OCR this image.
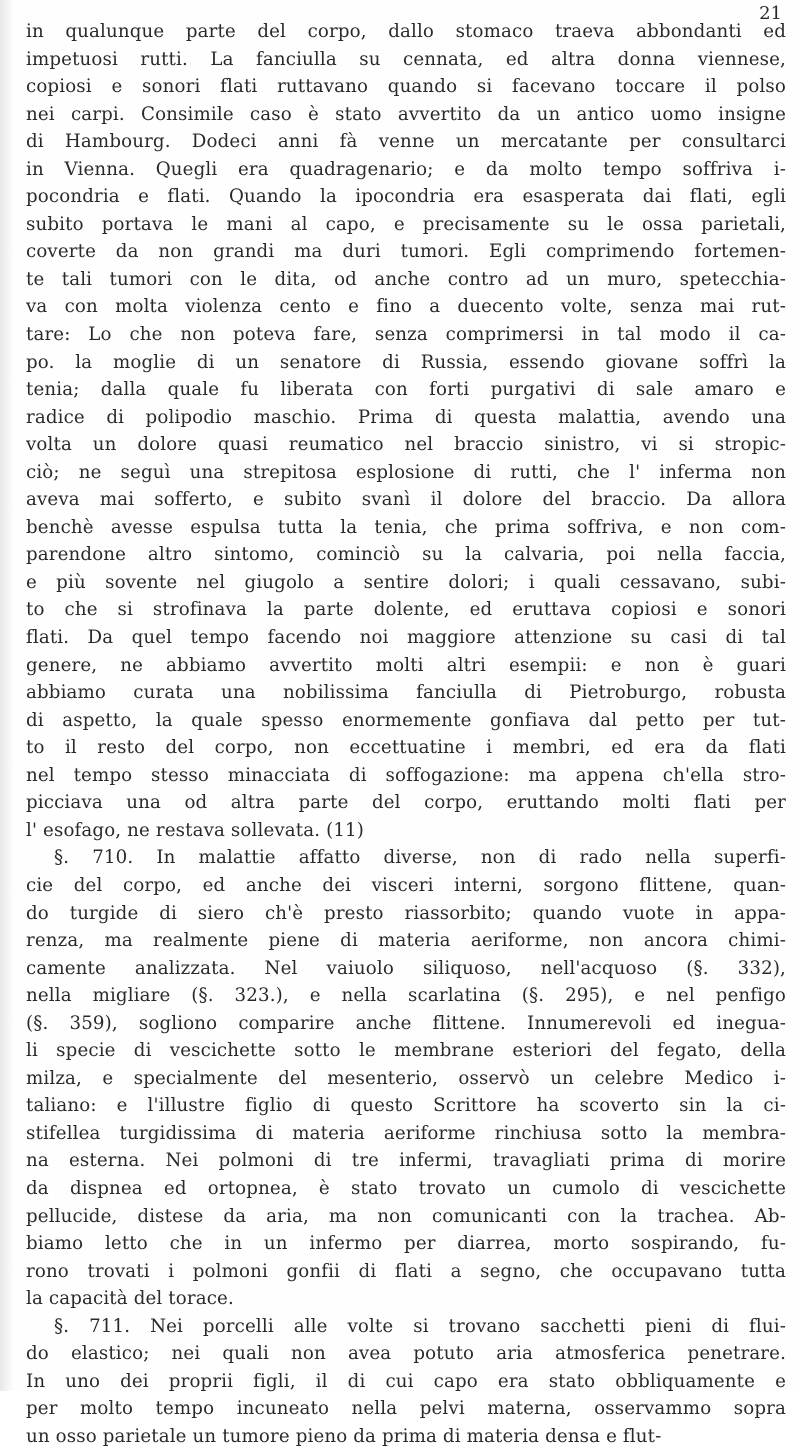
21
in qualunque parte del corpo, dallo stomaco traeva abbondanti ed
impetuosi rutti. La fanciulla su cennata, ed altra donna viennese,
copiosi e sonori flati ruttavano quando si facevano toccare il polso
nei carpi. Consimile caso è stato avvertito da un antico uomo insigne
di Hambourg. Dodeci anni fà venne un mercatante per consultarci
in Vienna. Quegli era quadragenario; e da molto tempo soffriva i-
pocondria e flati. Quando la ipocondria era esasperata dai flati, egli
subito portava le mani al capo, e precisamente su le ossa parietali,
coverte da non grandi ma duri tumori. Egli comprimendo fortemen-
te tali tumori con le dita, od anche contro ad un muro, spetecchia-
va con molta violenza cento e fino a duecento volte, senza mai rut-
tare: Lo che non poteva fare, senza comprimersi in tal modo il ca-
po. la moglie di un senatore di Russia, essendo giovane soffrì la
tenia; dalla quale fu liberata con forti purgativi di sale amaro e
radice di polipodio maschio. Prima di questa malattia, avendo una
volta un dolore quasi reumatico nel braccio sinistro, vi si stropic-
ciò; ne seguì una strepitosa esplosione di rutti, che l' inferma non
aveva mai sofferto, e subito svanì il dolore del braccio. Da allora
benchè avesse espulsa tutta la tenia, che prima soffriva, e non com-
parendone altro sintomo, cominciò su la calvaria, poi nella faccia,
e più sovente nel giugolo a sentire dolori; i quali cessavano, subi-
to che si strofinava la parte dolente, ed eruttava copiosi e sonori
flati. Da quel tempo facendo noi maggiore attenzione su casi di tal
genere, ne abbiamo avvertito molti altri esempii: e non è guari
abbiamo curata una nobilissima fanciulla di Pietroburgo, robusta
di aspetto, la quale spesso enormemente gonfiava dal petto per tut-
to il resto del corpo, non eccettuatine i membri, ed era da flati
nel tempo stesso minacciata di soffogazione: ma appena ch'ella stro-
picciava una od altra parte del corpo, eruttando molti flati per
l' esofago, ne restava sollevata. (11)
§. 710. In malattie affatto diverse, non di rado nella superfi-
cie del corpo, ed anche dei visceri interni, sorgono flittene, quan-
do turgide di siero ch'è presto riassorbito; quando vuote in appa-
renza, ma realmente piene di materia aeriforme, non ancora chimi-
camente analizzata. Nel vaiuolo siliquoso, nell'acquoso (§. 332),
nella migliare (§. 323.), e nella scarlatina (§. 295), e nel penfigo
(§. 359), sogliono comparire anche flittene. Innumerevoli ed inegua-
li specie di vescichette sotto le membrane esteriori del fegato, della
milza, e specialmente del mesenterio, osservò un celebre Medico i-
taliano: e l'illustre figlio di questo Scrittore ha scoverto sin la ci-
stifellea turgidissima di materia aeriforme rinchiusa sotto la membra-
na esterna. Nei polmoni di tre infermi, travagliati prima di morire
da dispnea ed ortopnea, è stato trovato un cumolo di vescichette
pellucide, distese da aria, ma non comunicanti con la trachea. Ab-
biamo letto che in un infermo per diarrea, morto sospirando, fu-
rono trovati i polmoni gonfii di flati a segno, che occupavano tutta
la capacità del torace.
§. 711. Nei porcelli alle volte si trovano sacchetti pieni di flui-
do elastico; nei quali non avea potuto aria atmosferica penetrare.
In uno dei proprii figli, il di cui capo era stato obbliquamente e
per molto tempo incuneato nella pelvi materna, osservammo sopra
un osso parietale un tumore pieno da prima di materia densa e flut-
